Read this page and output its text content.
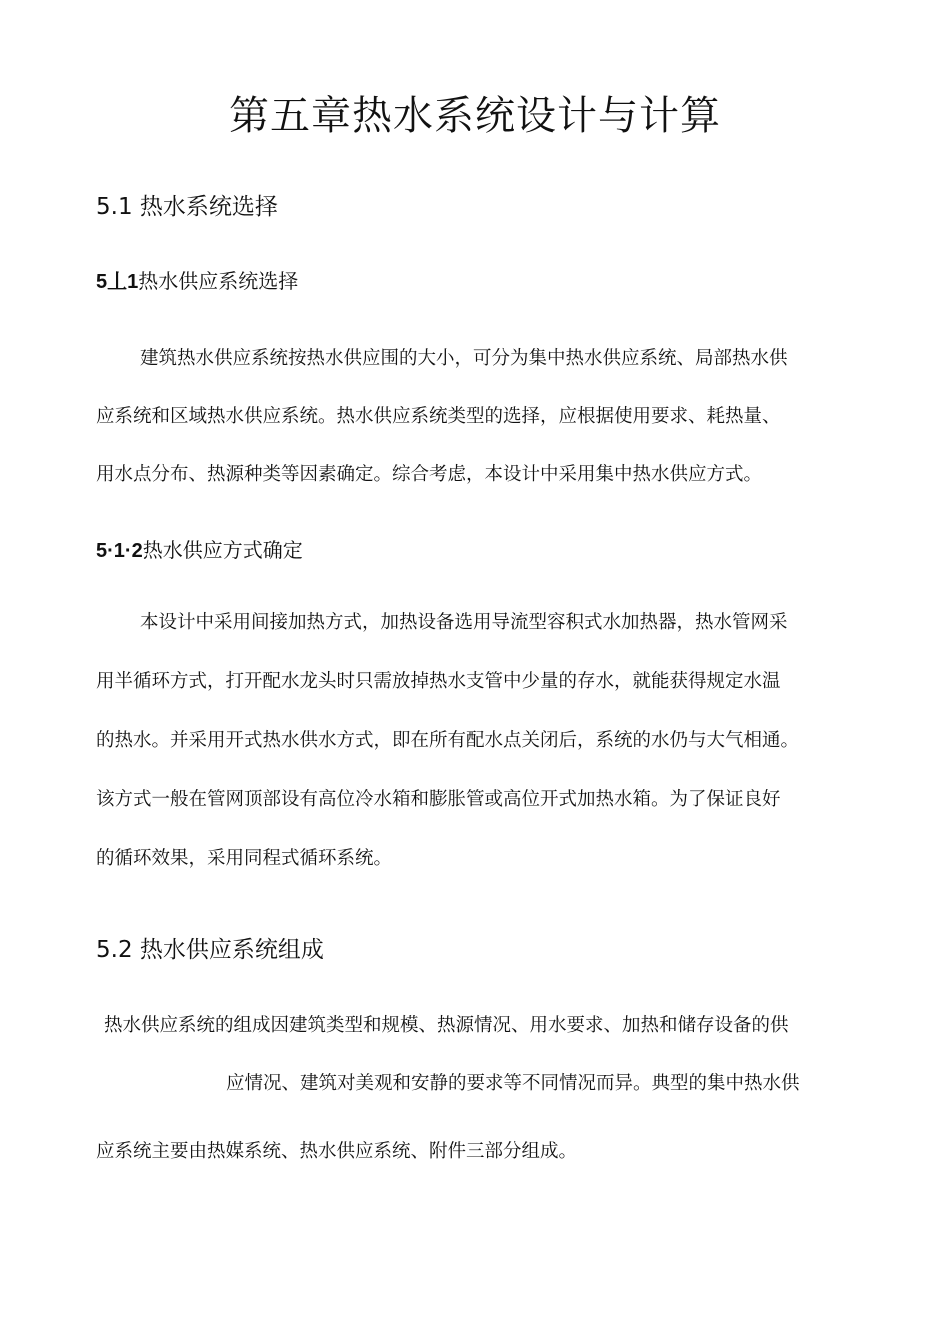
第五章热水系统设计与计算
5.1 热水系统选择
5丄1热水供应系统选择
建筑热水供应系统按热水供应围的大小，可分为集中热水供应系统、局部热水供
应系统和区域热水供应系统。热水供应系统类型的选择，应根据使用要求、耗热量、
用水点分布、热源种类等因素确定。综合考虑，本设计中采用集中热水供应方式。
5·1·2热水供应方式确定
本设计中采用间接加热方式，加热设备选用导流型容积式水加热器，热水管网采
用半循环方式，打开配水龙头时只需放掉热水支管中少量的存水，就能获得规定水温
的热水。并采用开式热水供水方式，即在所有配水点关闭后，系统的水仍与大气相通。
该方式一般在管网顶部设有高位冷水箱和膨胀管或高位开式加热水箱。为了保证良好
的循环效果，采用同程式循环系统。
5.2 热水供应系统组成
热水供应系统的组成因建筑类型和规模、热源情况、用水要求、加热和储存设备的供
应情况、建筑对美观和安静的要求等不同情况而异。典型的集中热水供
应系统主要由热媒系统、热水供应系统、附件三部分组成。
